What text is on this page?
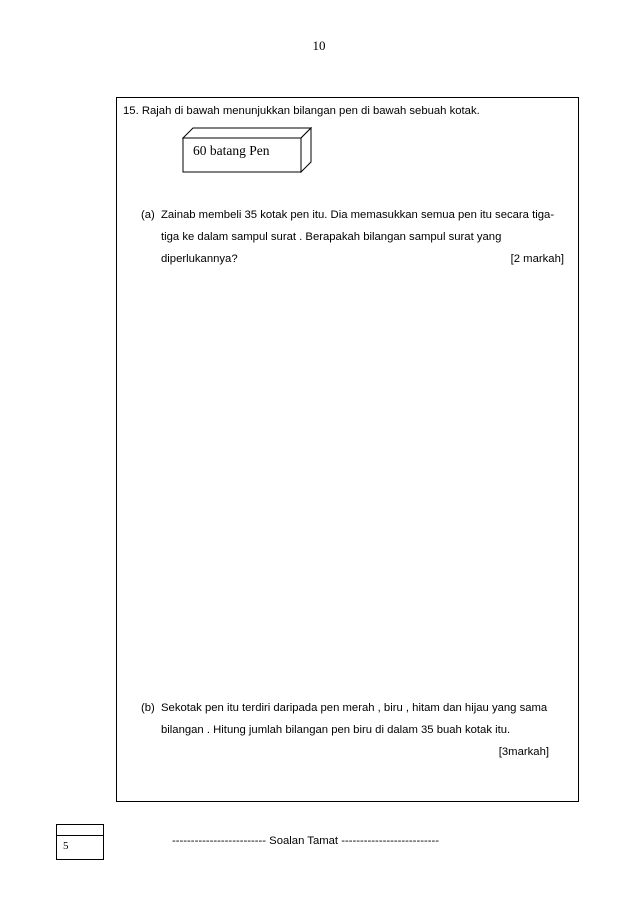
10
15. Rajah di bawah menunjukkan bilangan pen di bawah sebuah kotak.
60 batang Pen
(a) Zainab membeli 35 kotak pen itu. Dia memasukkan semua pen itu secara tiga-
tiga ke dalam sampul surat . Berapakah bilangan sampul surat yang
diperlukannya?	[2 markah]
(b) Sekotak pen itu terdiri daripada pen merah , biru , hitam dan hijau yang sama
bilangan . Hitung jumlah bilangan pen biru di dalam 35 buah kotak itu.
[3markah]
5	------------------------- Soalan Tamat --------------------------
